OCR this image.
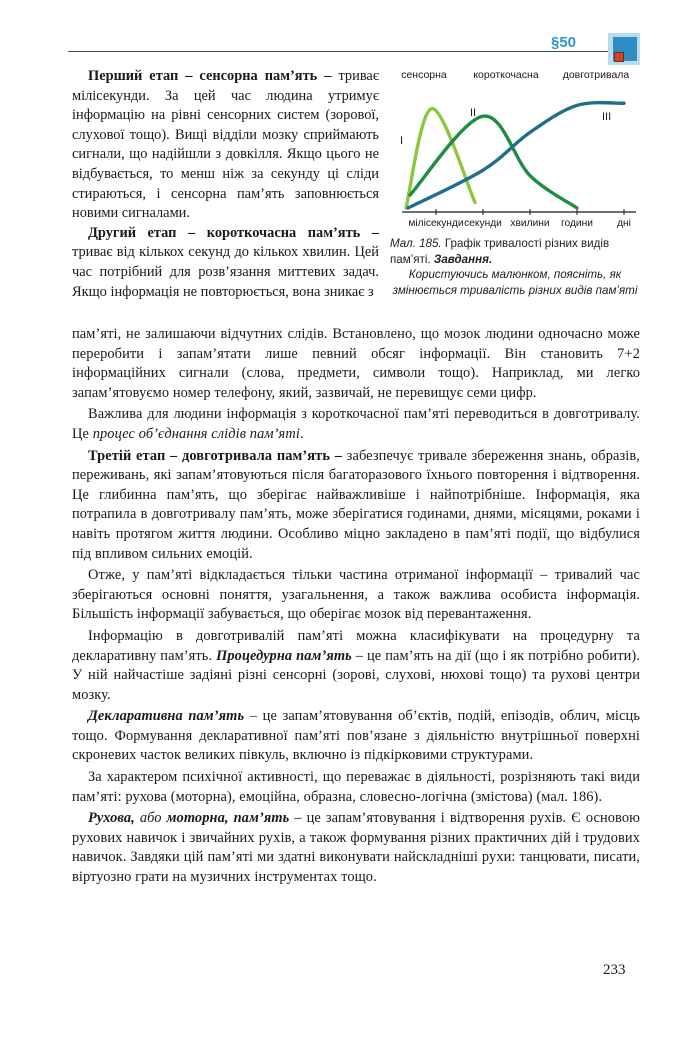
§50

Перший етап – сенсорна пам’ять – триває мілісекунди. За цей час людина утримує інформацію на рівні сенсорних систем (зорової, слухової тощо). Вищі відділи мозку сприймають сигнали, що надійшли з довкілля. Якщо цього не відбувається, то менш ніж за секунду ці сліди стираються, і сенсорна пам’ять заповнюється новими сигналами.

Другий етап – короткочасна пам’ять – триває від кількох секунд до кількох хвилин. Цей час потрібний для розв’язання миттевих задач. Якщо інформація не повторюється, вона зникає з

сенсорна	короткочасна довготривала
мілісекунди секунди хвилини години дні
I
II	III
Мал. 185. Графік тривалості різних видів пам’яті. Завдання.
Користуючись малюнком, поясніть, як змінюється тривалість різних видів пам’яті

пам’яті, не залишаючи відчутних слідів. Встановлено, що мозок людини одночасно може переробити і запам’ятати лише певний обсяг інформації. Він становить 7+2 інформаційних сигнали (слова, предмети, символи тощо). Наприклад, ми легко запам’ятовуємо номер телефону, який, зазвичай, не перевищує семи цифр.

Важлива для людини інформація з короткочасної пам’яті переводиться в довготривалу. Це процес об’єднання слідів пам’яті.

Третій етап – довготривала пам’ять – забезпечує тривале збереження знань, образів, переживань, які запам’ятовуються після багаторазового їхнього повторення і відтворення. Це глибинна пам’ять, що зберігає найважливіше і найпотрібніше. Інформація, яка потрапила в довготривалу пам’ять, може зберігатися годинами, днями, місяцями, роками і навіть протягом життя людини. Особливо міцно закладено в пам’яті події, що відбулися під впливом сильних емоцій.

Отже, у пам’яті відкладається тільки частина отриманої інформації – тривалий час зберігаються основні поняття, узагальнення, а також важлива особиста інформація. Більшість інформації забувається, що оберігає мозок від перевантаження.

Інформацію в довготривалій пам’яті можна класифікувати на процедурну та декларативну пам’ять. Процедурна пам’ять – це пам’ять на дії (що і як потрібно робити). У ній найчастіше задіяні різні сенсорні (зорові, слухові, нюхові тощо) та рухові центри мозку.

Декларативна пам’ять – це запам’ятовування об’єктів, подій, епізодів, облич, місць тощо. Формування декларативної пам’яті пов’язане з діяльністю внутрішньої поверхні скроневих часток великих півкуль, включно із підкірковими структурами.

За характером психічної активності, що переважає в діяльності, розрізняють такі види пам’яті: рухова (моторна), емоційна, образна, словесно-логічна (змістова) (мал. 186).

Рухова, або моторна, пам’ять – це запам’ятовування і відтворення рухів. Є основою рухових навичок і звичайних рухів, а також формування різних практичних дій і трудових навичок. Завдяки цій пам’яті ми здатні виконувати найскладніші рухи: танцювати, писати, віртуозно грати на музичних інструментах тощо.

233
